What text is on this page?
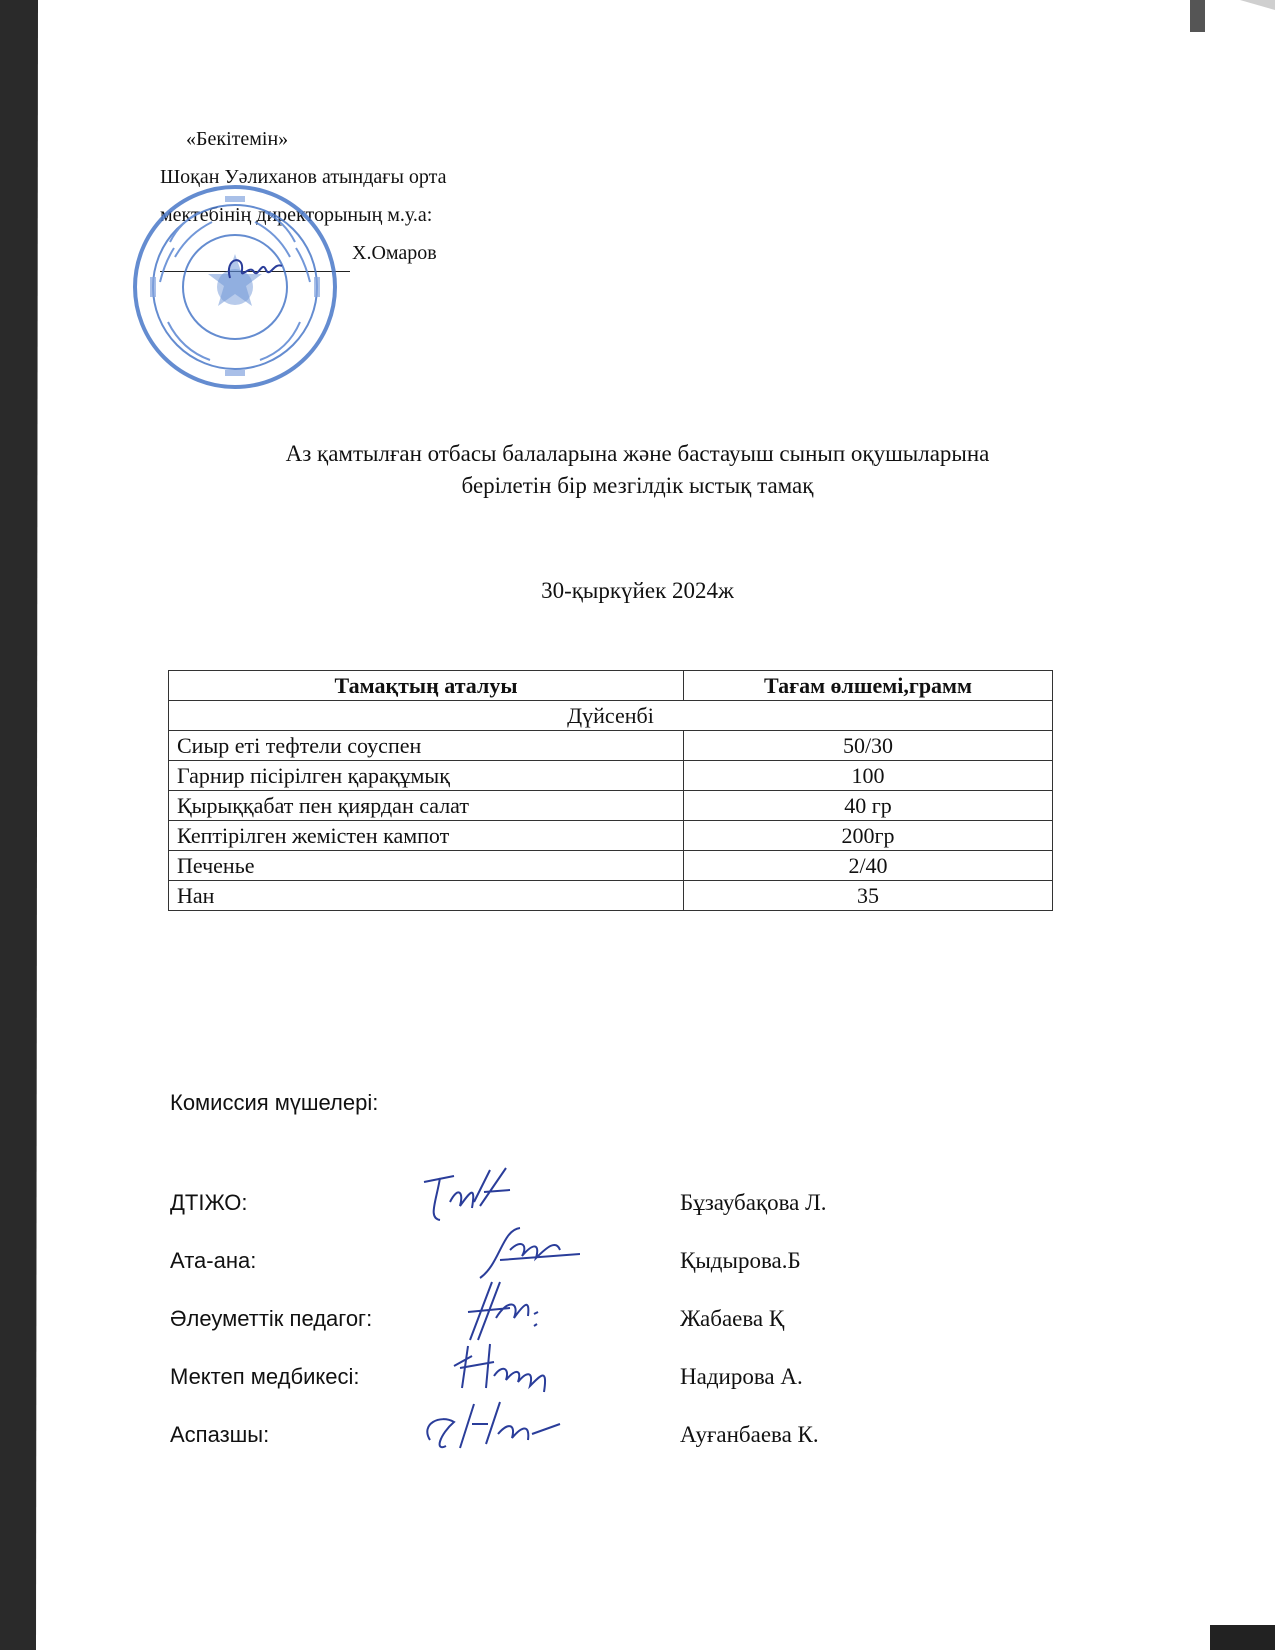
«Бекітемін»
Шоқан Уәлиханов атындағы орта
мектебінің директорының м.у.а:
Х.Омаров
Аз қамтылған отбасы балаларына және бастауыш сынып оқушыларына
берілетін бір мезгілдік ыстық тамақ
30-қыркүйек 2024ж
Тамақтың аталуы	Тағам өлшемі,грамм
Дүйсенбі	
Сиыр еті тефтели соуспен	50/30
Гарнир пісірілген қарақұмық	100
Қырыққабат пен қиярдан салат	40 гр
Кептірілген жемістен кампот	200гр
Печенье	2/40
Нан	35
Комиссия мүшелері:
ДТІЖО:	Бұзаубақова Л.
Ата-ана:	Қыдырова.Б
Әлеуметтік педагог:	Жабаева Қ
Мектеп медбикесі:	Надирова А.
Аспазшы:	Ауғанбаева К.
